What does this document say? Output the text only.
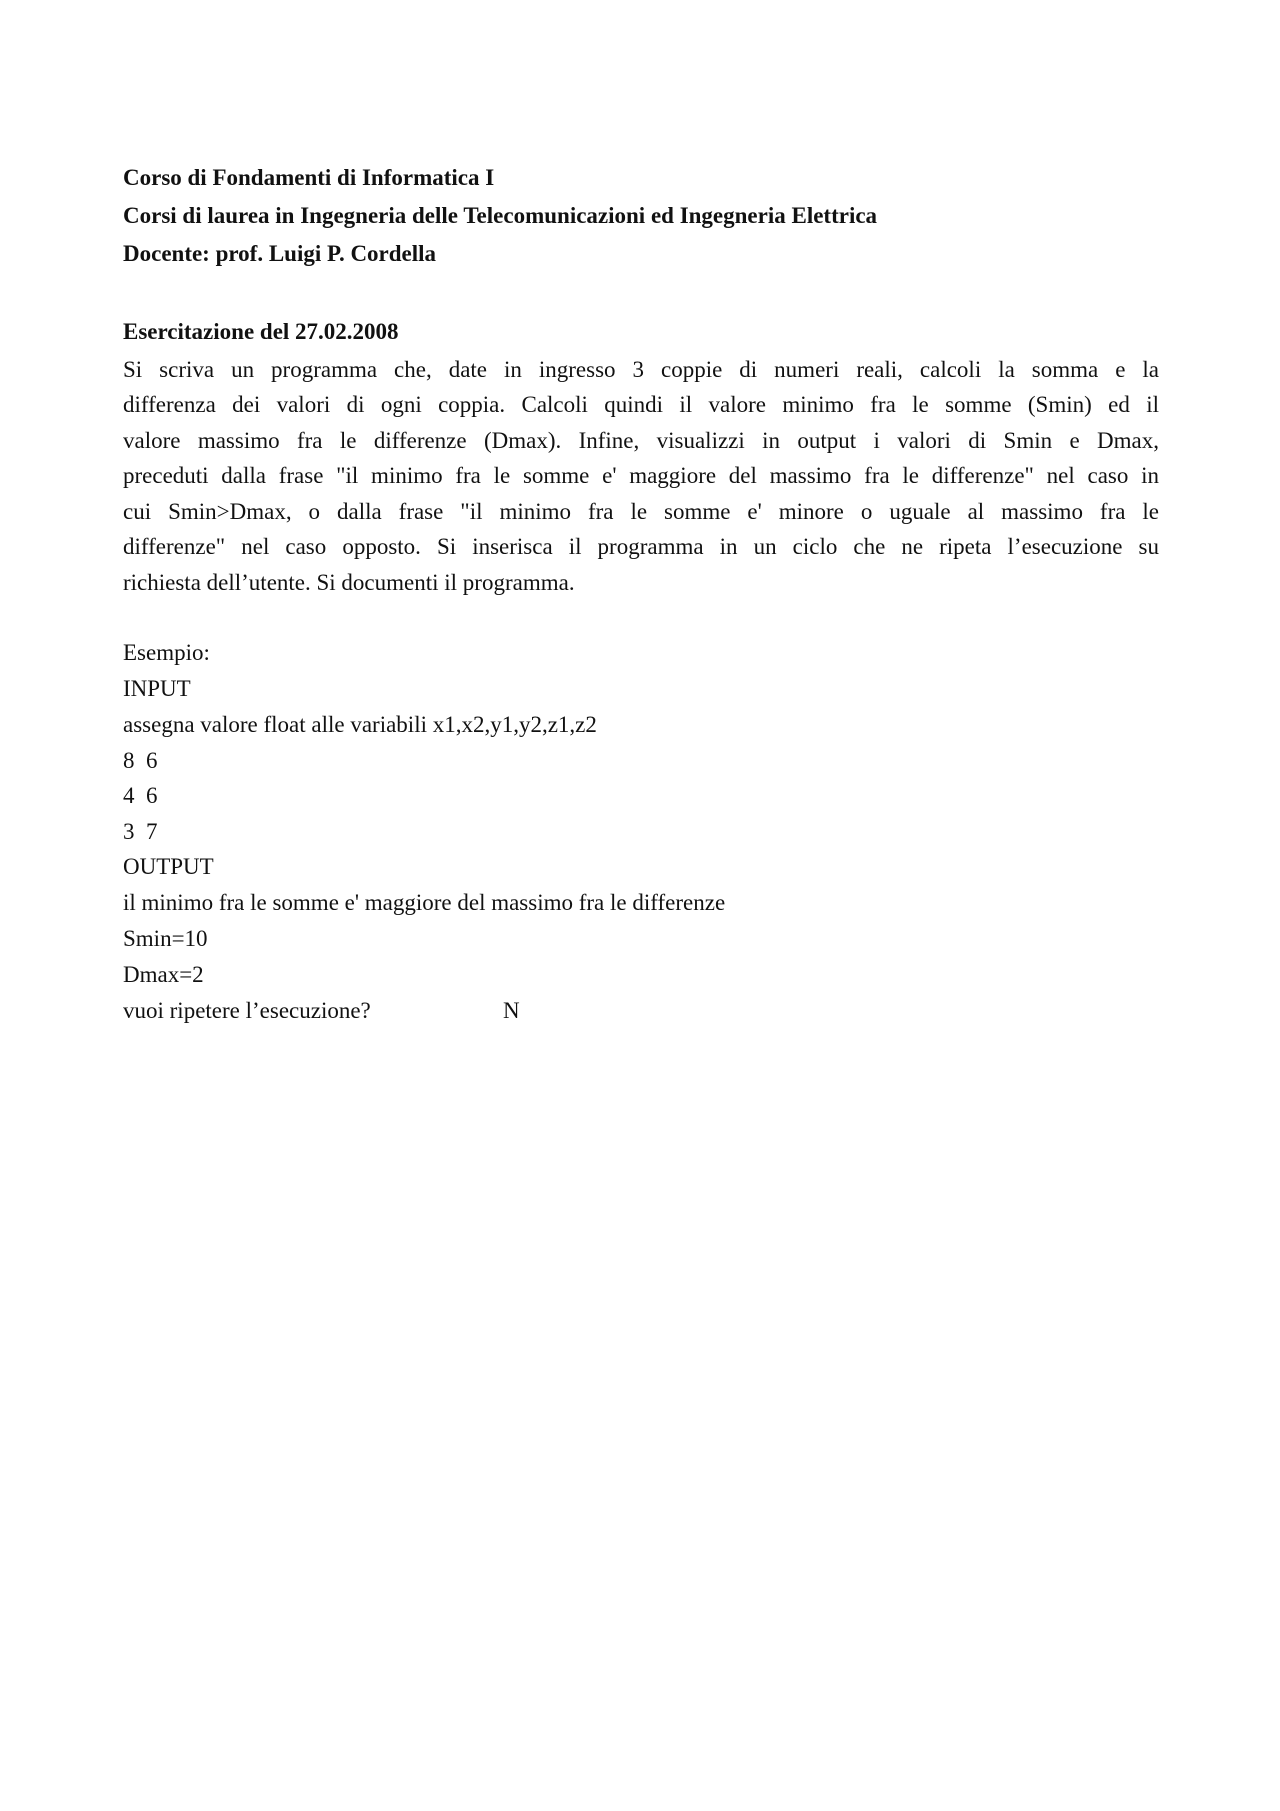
Corso di Fondamenti di Informatica I
Corsi di laurea in Ingegneria delle Telecomunicazioni ed Ingegneria Elettrica
Docente: prof. Luigi P. Cordella
Esercitazione del 27.02.2008
Si scriva un programma che, date in ingresso 3 coppie di numeri reali, calcoli la somma e la
differenza dei valori di ogni coppia. Calcoli quindi il valore minimo fra le somme (Smin) ed il
valore massimo fra le differenze (Dmax). Infine, visualizzi in output i valori di Smin e Dmax,
preceduti dalla frase "il minimo fra le somme e' maggiore del massimo fra le differenze" nel caso in
cui Smin>Dmax, o dalla frase "il minimo fra le somme e' minore o uguale al massimo fra le
differenze" nel caso opposto. Si inserisca il programma in un ciclo che ne ripeta l’esecuzione su
richiesta dell’utente. Si documenti il programma.
Esempio:
INPUT
assegna valore float alle variabili x1,x2,y1,y2,z1,z2
8 6
4 6
3 7
OUTPUT
il minimo fra le somme e' maggiore del massimo fra le differenze
Smin=10
Dmax=2
vuoi ripetere l’esecuzione?	N
